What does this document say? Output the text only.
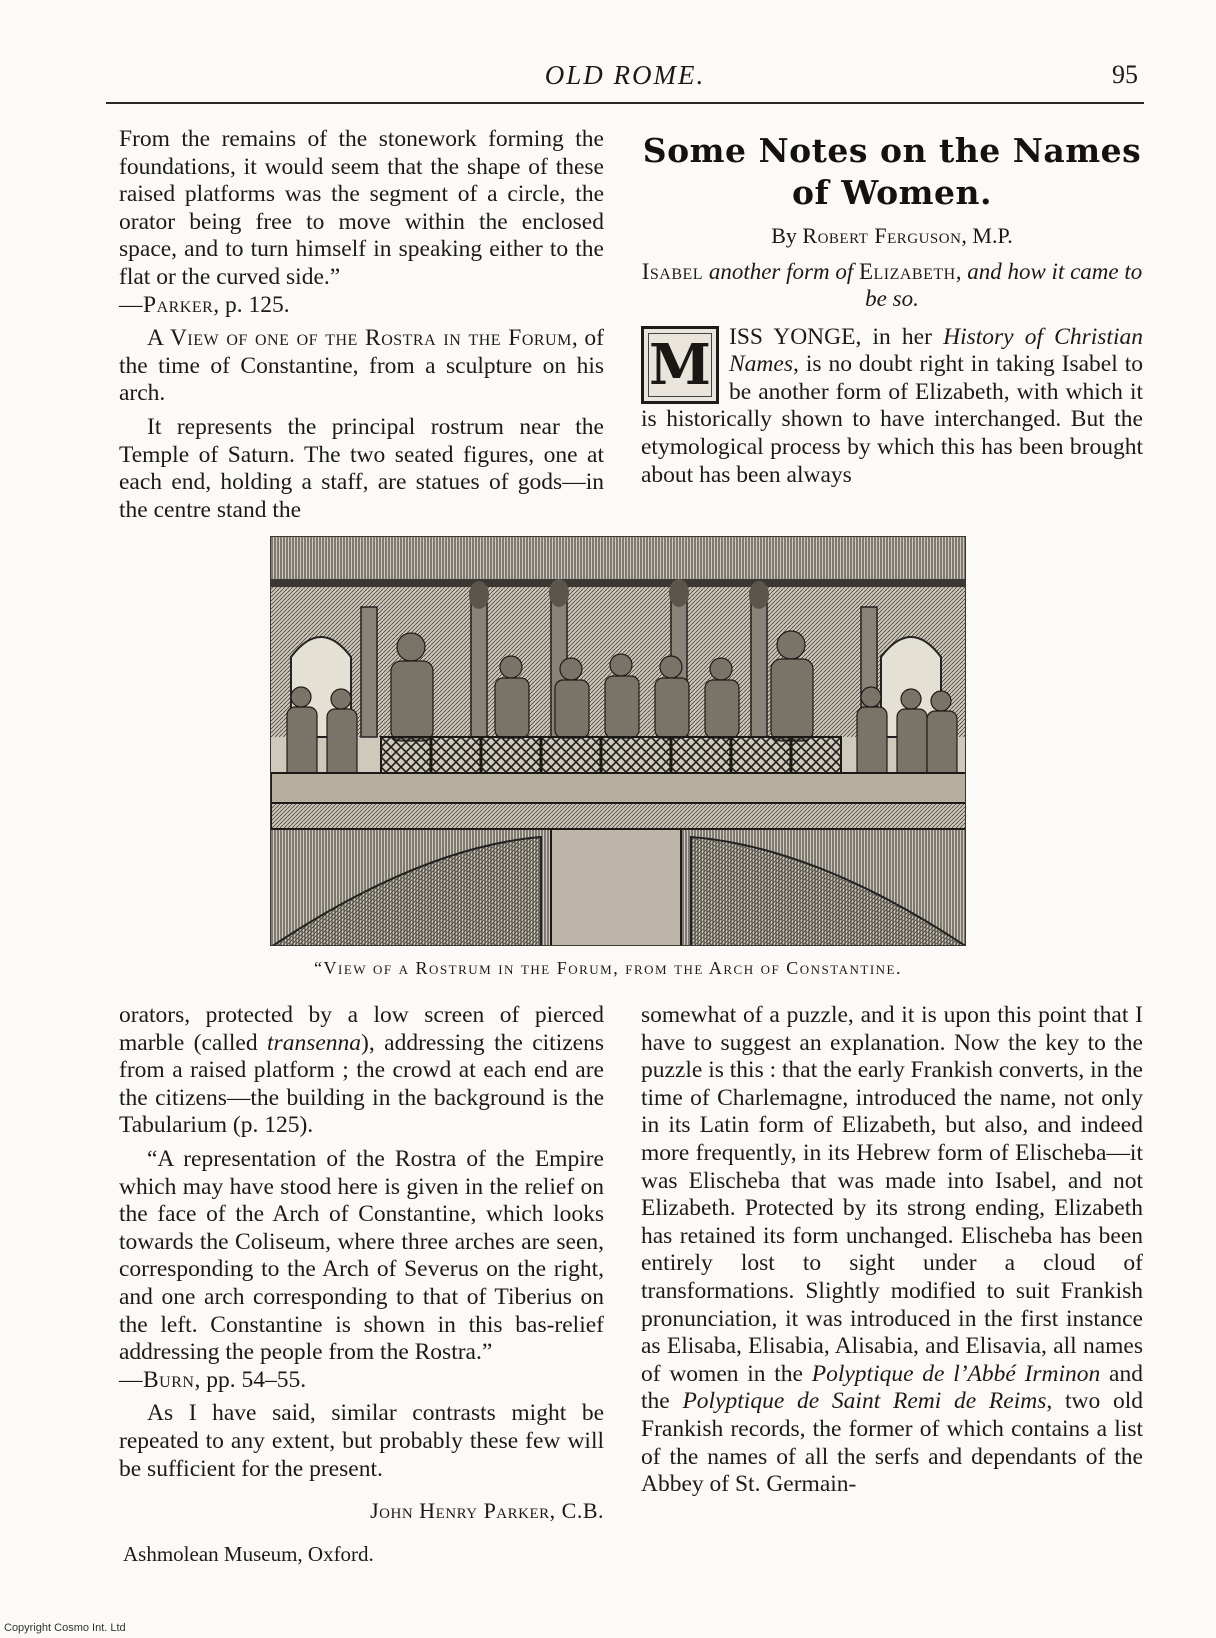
OLD ROME.	95

From the remains of the stonework forming the foundations, it would seem that the shape of these raised platforms was the segment of a circle, the orator being free to move within the enclosed space, and to turn himself in speaking either to the flat or the curved side.”
—Parker, p. 125.

A View of one of the Rostra in the Forum, of the time of Constantine, from a sculpture on his arch.

It represents the principal rostrum near the Temple of Saturn. The two seated figures, one at each end, holding a staff, are statues of gods—in the centre stand the

Some Notes on the Names of Women.
By Robert Ferguson, M.P.
Isabel another form of Elizabeth, and how it came to be so.

M ISS YONGE, in her History of Christian Names, is no doubt right in taking Isabel to be another form of Elizabeth, with which it is historically shown to have interchanged. But the etymological process by which this has been brought about has been always

“View of a Rostrum in the Forum, from the Arch of Constantine.

orators, protected by a low screen of pierced marble (called transenna), addressing the citizens from a raised platform ; the crowd at each end are the citizens—the building in the background is the Tabularium (p. 125).

“A representation of the Rostra of the Empire which may have stood here is given in the relief on the face of the Arch of Constantine, which looks towards the Coliseum, where three arches are seen, corresponding to the Arch of Severus on the right, and one arch corresponding to that of Tiberius on the left. Constantine is shown in this bas-relief addressing the people from the Rostra.”
—Burn, pp. 54–55.

As I have said, similar contrasts might be repeated to any extent, but probably these few will be sufficient for the present.

John Henry Parker, C.B.
Ashmolean Museum, Oxford.

somewhat of a puzzle, and it is upon this point that I have to suggest an explanation. Now the key to the puzzle is this : that the early Frankish converts, in the time of Charlemagne, introduced the name, not only in its Latin form of Elizabeth, but also, and indeed more frequently, in its Hebrew form of Elischeba—it was Elischeba that was made into Isabel, and not Elizabeth. Protected by its strong ending, Elizabeth has retained its form unchanged. Elischeba has been entirely lost to sight under a cloud of transformations. Slightly modified to suit Frankish pronunciation, it was introduced in the first instance as Elisaba, Elisabia, Alisabia, and Elisavia, all names of women in the Polyptique de l’Abbé Irminon and the Polyptique de Saint Remi de Reims, two old Frankish records, the former of which contains a list of the names of all the serfs and dependants of the Abbey of St. Germain-

Copyright Cosmo Int. Ltd
